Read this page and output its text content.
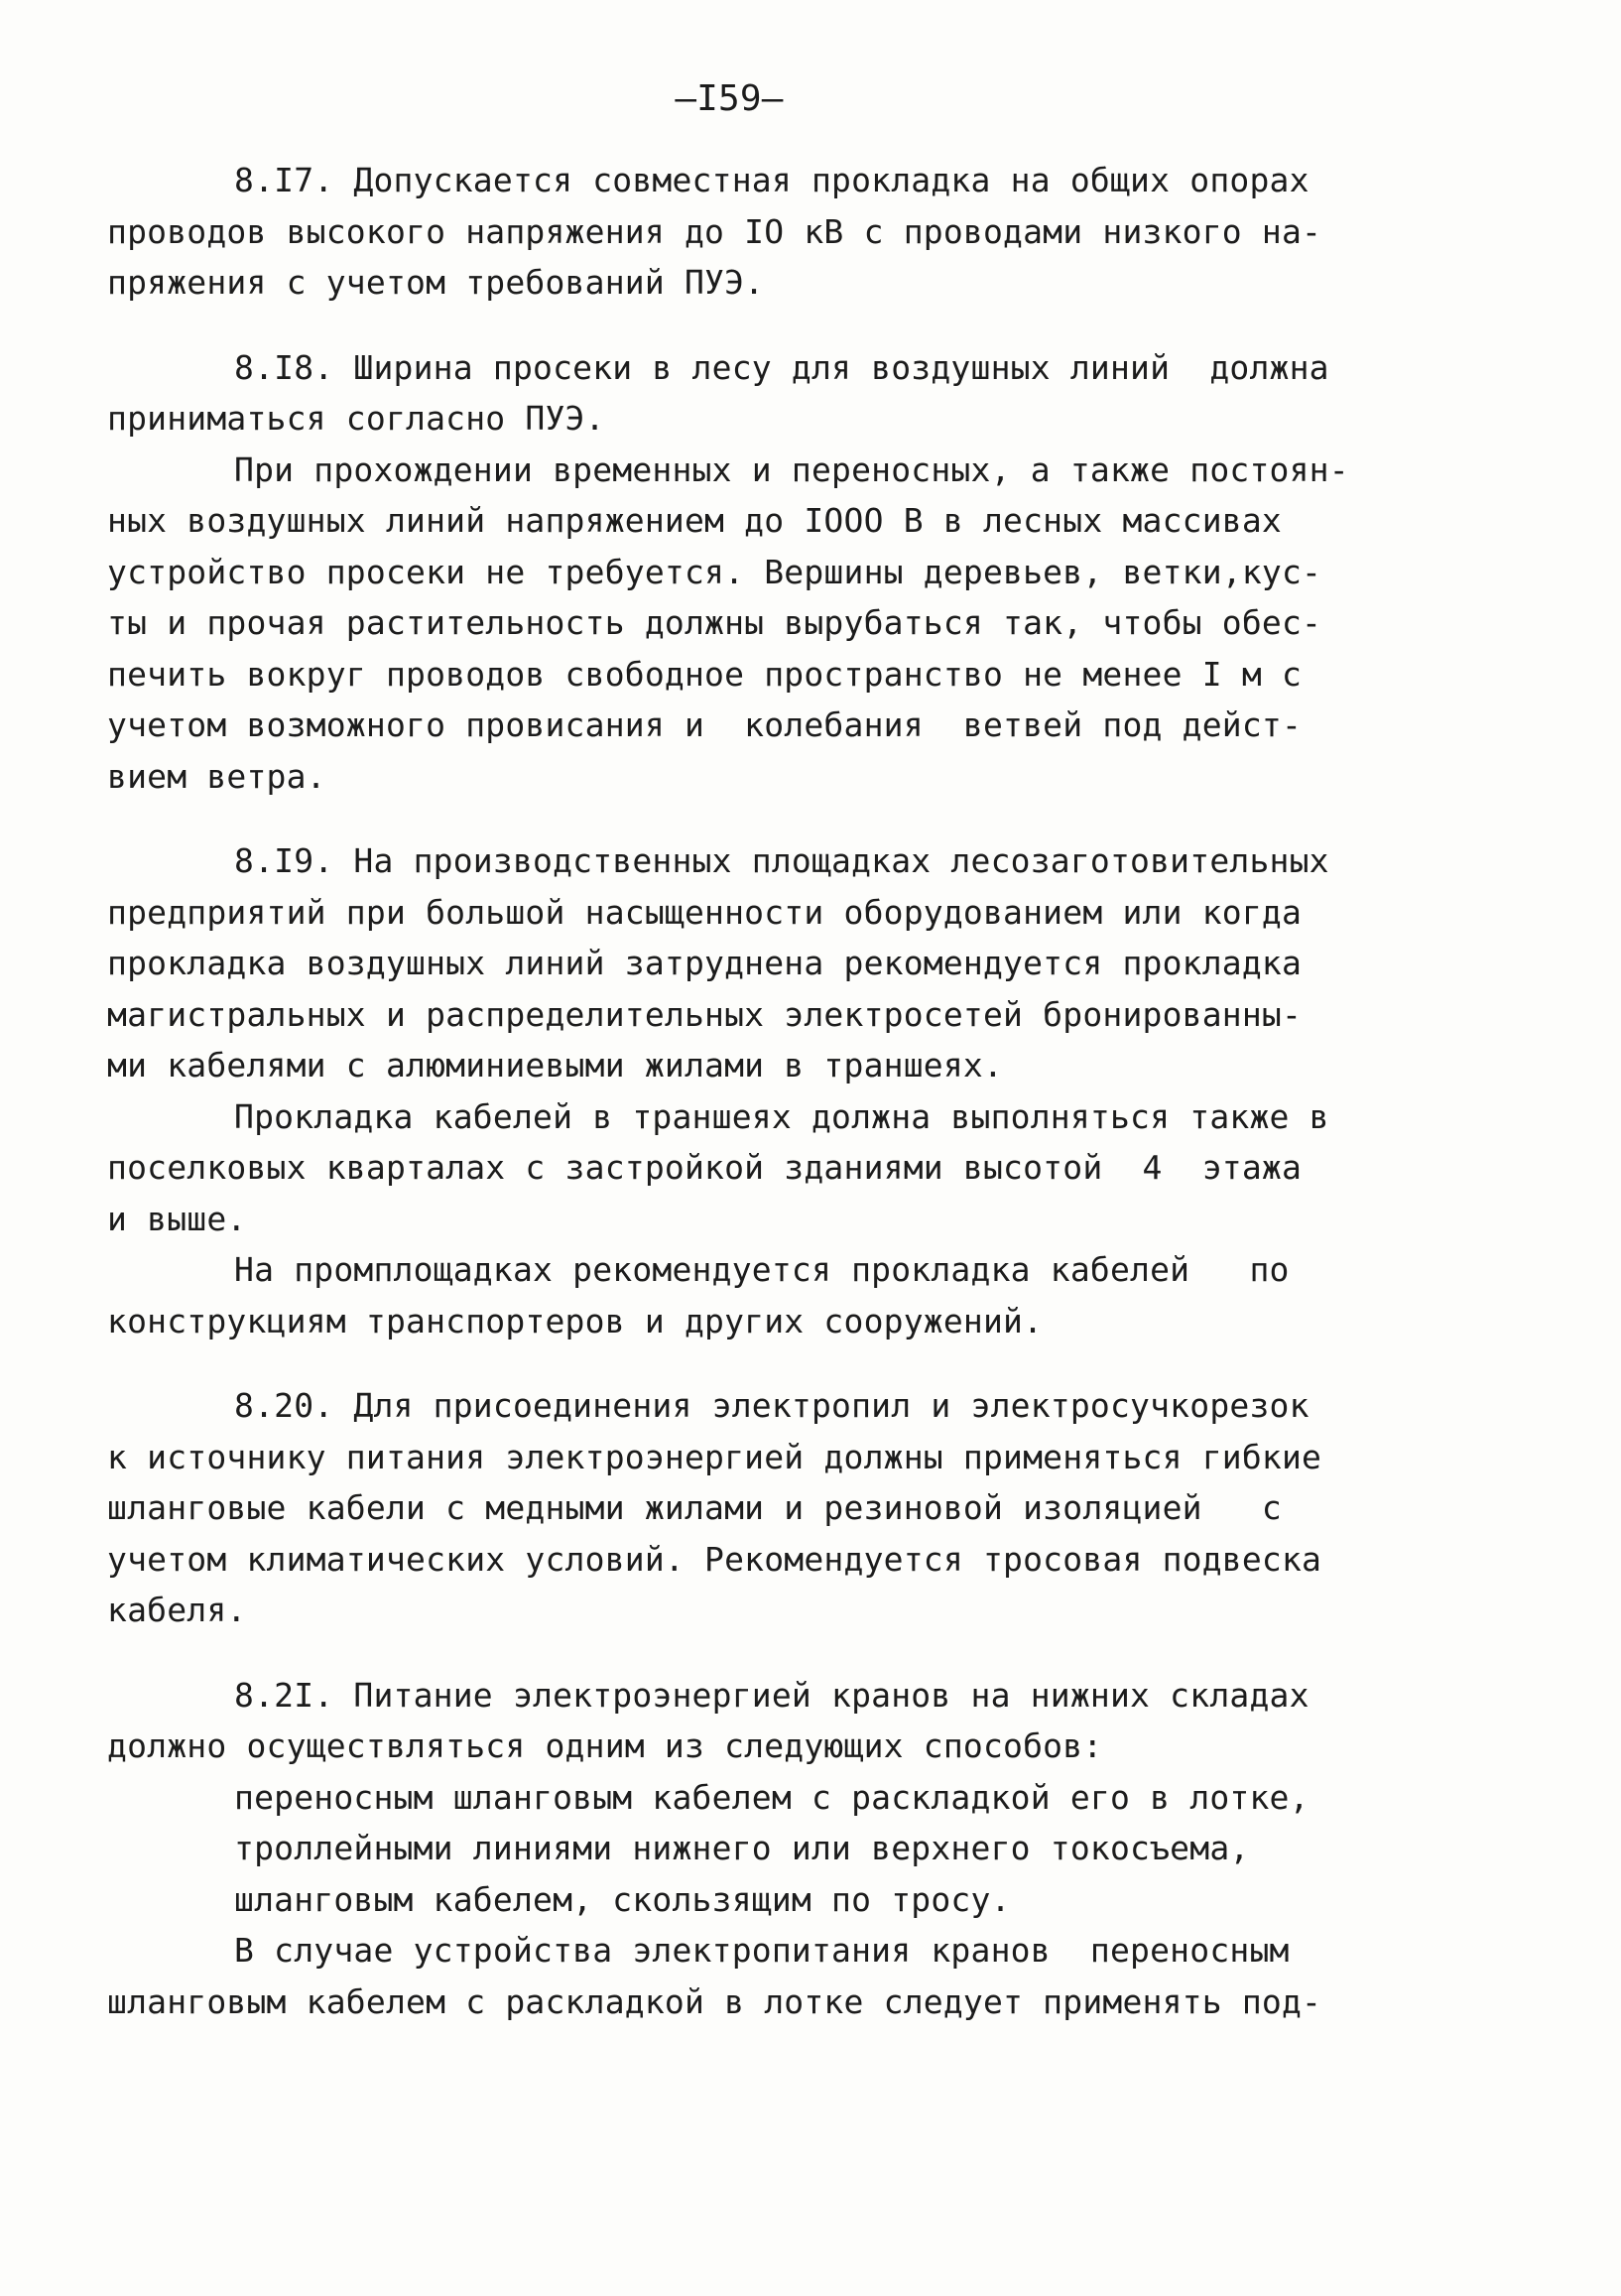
—I59—
8.I7. Допускается совместная прокладка на общих опорах
проводов высокого напряжения до IO кВ с проводами низкого на-
пряжения с учетом требований ПУЭ.
8.I8. Ширина просеки в лесу для воздушных линий  должна
приниматься согласно ПУЭ.
При прохождении временных и переносных, а также постоян-
ных воздушных линий напряжением до IOOO В в лесных массивах
устройство просеки не требуется. Вершины деревьев, ветки,кус-
ты и прочая растительность должны вырубаться так, чтобы обес-
печить вокруг проводов свободное пространство не менее I м с
учетом возможного провисания и  колебания  ветвей под дейст-
вием ветра.
8.I9. На производственных площадках лесозаготовительных
предприятий при большой насыщенности оборудованием или когда
прокладка воздушных линий затруднена рекомендуется прокладка
магистральных и распределительных электросетей бронированны-
ми кабелями с алюминиевыми жилами в траншеях.
Прокладка кабелей в траншеях должна выполняться также в
поселковых кварталах с застройкой зданиями высотой  4  этажа
и выше.
На промплощадках рекомендуется прокладка кабелей   по
конструкциям транспортеров и других сооружений.
8.20. Для присоединения электропил и электросучкорезок
к источнику питания электроэнергией должны применяться гибкие
шланговые кабели с медными жилами и резиновой изоляцией   с
учетом климатических условий. Рекомендуется тросовая подвеска
кабеля.
8.2I. Питание электроэнергией кранов на нижних складах
должно осуществляться одним из следующих способов:
переносным шланговым кабелем с раскладкой его в лотке,
троллейными линиями нижнего или верхнего токосъема,
шланговым кабелем, скользящим по тросу.
В случае устройства электропитания кранов  переносным
шланговым кабелем с раскладкой в лотке следует применять под-
